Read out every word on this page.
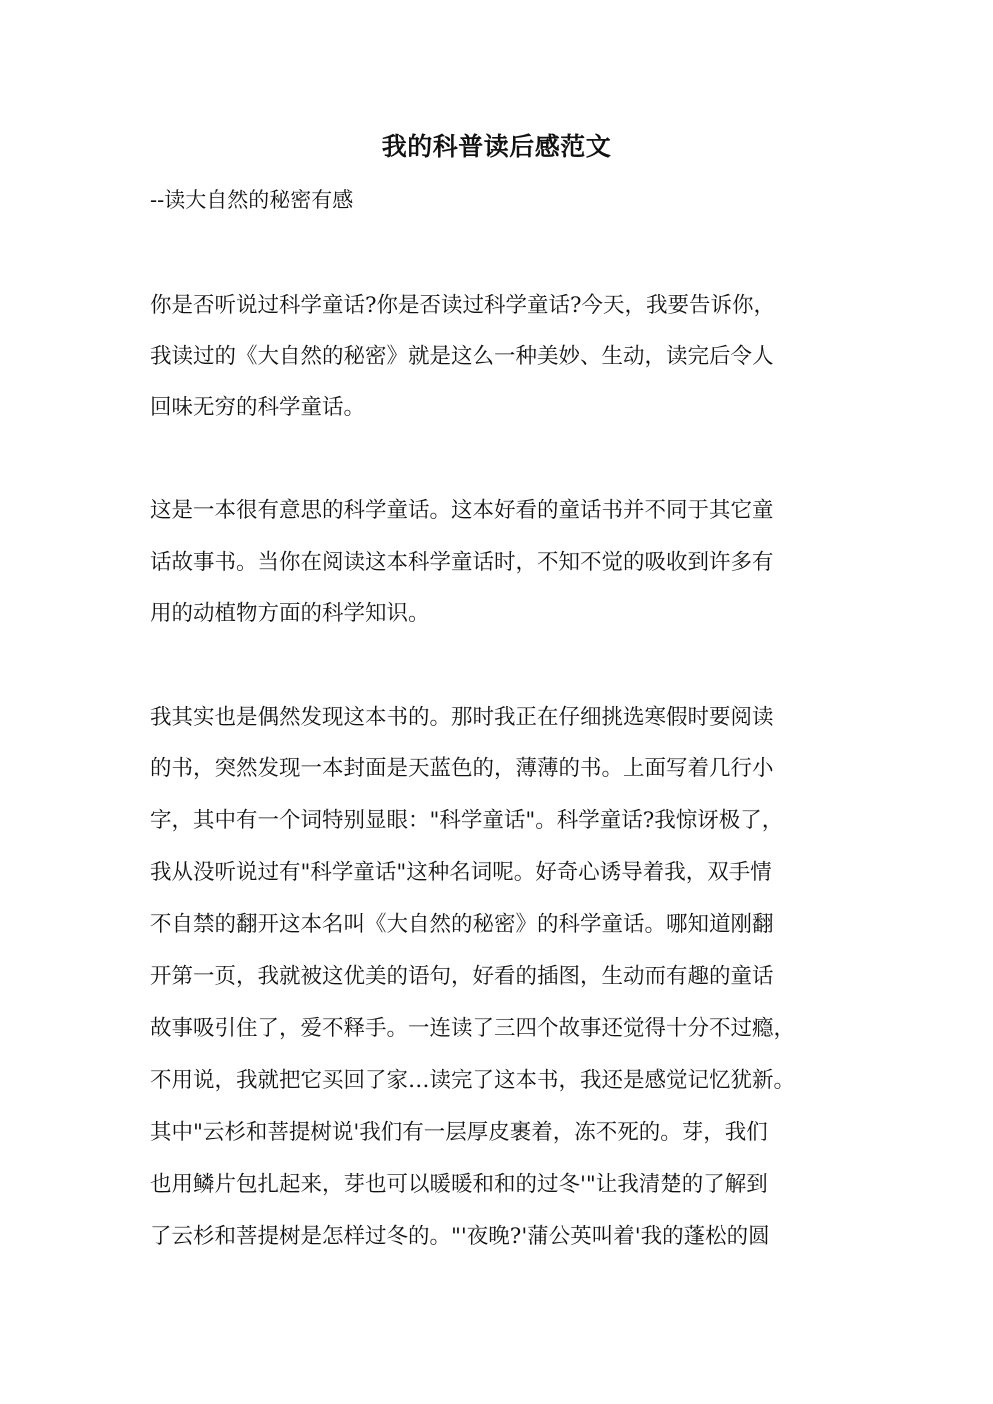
我的科普读后感范文
--读大自然的秘密有感
你是否听说过科学童话?你是否读过科学童话?今天，我要告诉你，
我读过的《大自然的秘密》就是这么一种美妙、生动，读完后令人
回味无穷的科学童话。
这是一本很有意思的科学童话。这本好看的童话书并不同于其它童
话故事书。当你在阅读这本科学童话时，不知不觉的吸收到许多有
用的动植物方面的科学知识。
我其实也是偶然发现这本书的。那时我正在仔细挑选寒假时要阅读
的书，突然发现一本封面是天蓝色的，薄薄的书。上面写着几行小
字，其中有一个词特别显眼："科学童话"。科学童话?我惊讶极了，
我从没听说过有"科学童话"这种名词呢。好奇心诱导着我，双手情
不自禁的翻开这本名叫《大自然的秘密》的科学童话。哪知道刚翻
开第一页，我就被这优美的语句，好看的插图，生动而有趣的童话
故事吸引住了，爱不释手。一连读了三四个故事还觉得十分不过瘾，
不用说，我就把它买回了家…读完了这本书，我还是感觉记忆犹新。
其中"云杉和菩提树说'我们有一层厚皮裹着，冻不死的。芽，我们
也用鳞片包扎起来，芽也可以暖暖和和的过冬'"让我清楚的了解到
了云杉和菩提树是怎样过冬的。"'夜晚?'蒲公英叫着'我的蓬松的圆
